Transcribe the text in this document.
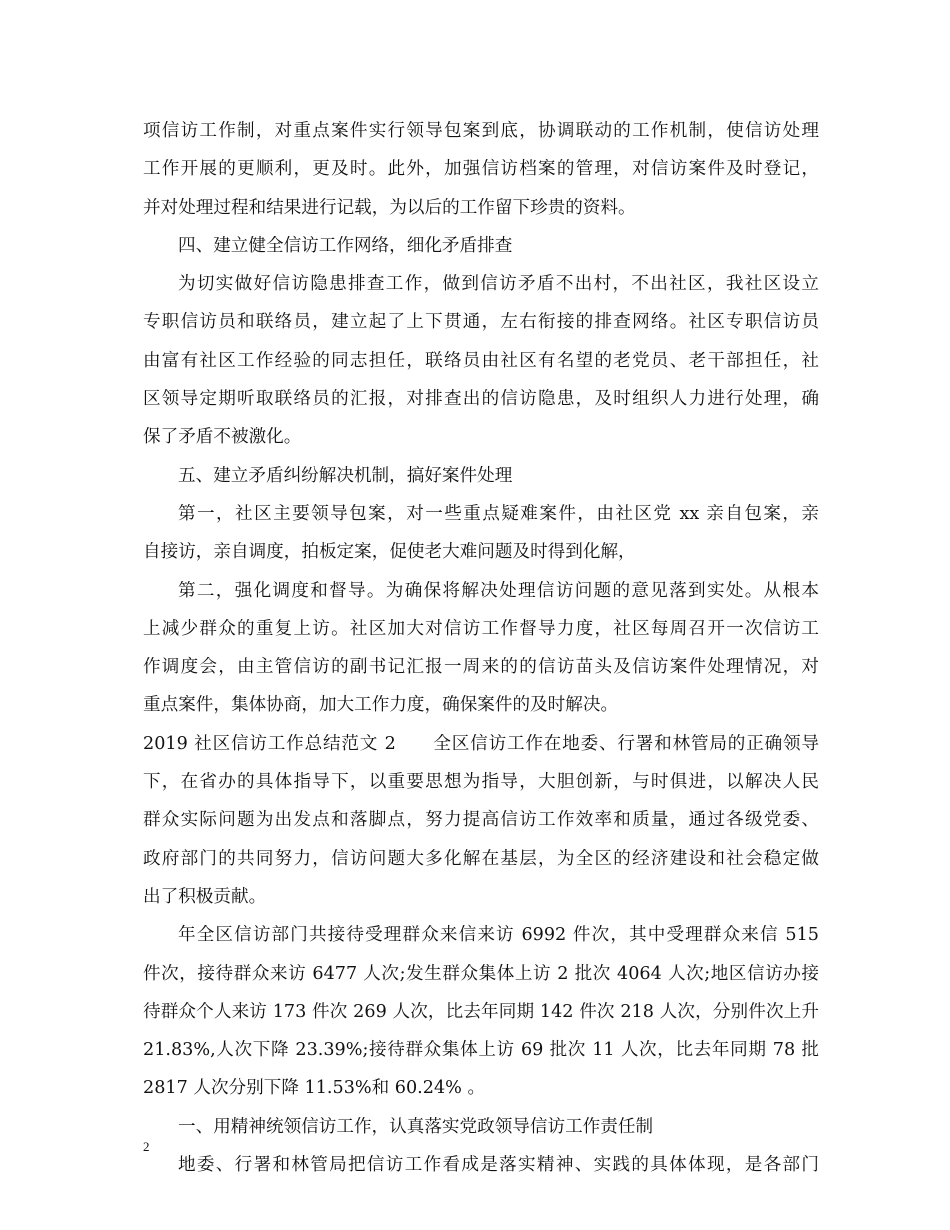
项信访工作制，对重点案件实行领导包案到底，协调联动的工作机制，使信访处理
工作开展的更顺利，更及时。此外，加强信访档案的管理，对信访案件及时登记，
并对处理过程和结果进行记载，为以后的工作留下珍贵的资料。
四、建立健全信访工作网络，细化矛盾排查
为切实做好信访隐患排查工作，做到信访矛盾不出村，不出社区，我社区设立
专职信访员和联络员，建立起了上下贯通，左右衔接的排查网络。社区专职信访员
由富有社区工作经验的同志担任，联络员由社区有名望的老党员、老干部担任，社
区领导定期听取联络员的汇报，对排查出的信访隐患，及时组织人力进行处理，确
保了矛盾不被激化。
五、建立矛盾纠纷解决机制，搞好案件处理
第一，社区主要领导包案，对一些重点疑难案件，由社区党 xx 亲自包案，亲
自接访，亲自调度，拍板定案，促使老大难问题及时得到化解，
第二，强化调度和督导。为确保将解决处理信访问题的意见落到实处。从根本
上减少群众的重复上访。社区加大对信访工作督导力度，社区每周召开一次信访工
作调度会，由主管信访的副书记汇报一周来的的信访苗头及信访案件处理情况，对
重点案件，集体协商，加大工作力度，确保案件的及时解决。
2019 社区信访工作总结范文 2　　全区信访工作在地委、行署和林管局的正确领导
下，在省办的具体指导下，以重要思想为指导，大胆创新，与时俱进，以解决人民
群众实际问题为出发点和落脚点，努力提高信访工作效率和质量，通过各级党委、
政府部门的共同努力，信访问题大多化解在基层，为全区的经济建设和社会稳定做
出了积极贡献。
年全区信访部门共接待受理群众来信来访 6992 件次，其中受理群众来信 515
件次，接待群众来访 6477 人次;发生群众集体上访 2 批次 4064 人次;地区信访办接
待群众个人来访 173 件次 269 人次，比去年同期 142 件次 218 人次，分别件次上升
21.83%,人次下降 23.39%;接待群众集体上访 69 批次 11 人次，比去年同期 78 批
2817 人次分别下降 11.53%和 60.24% 。
一、用精神统领信访工作，认真落实党政领导信访工作责任制
地委、行署和林管局把信访工作看成是落实精神、实践的具体体现，是各部门
2
